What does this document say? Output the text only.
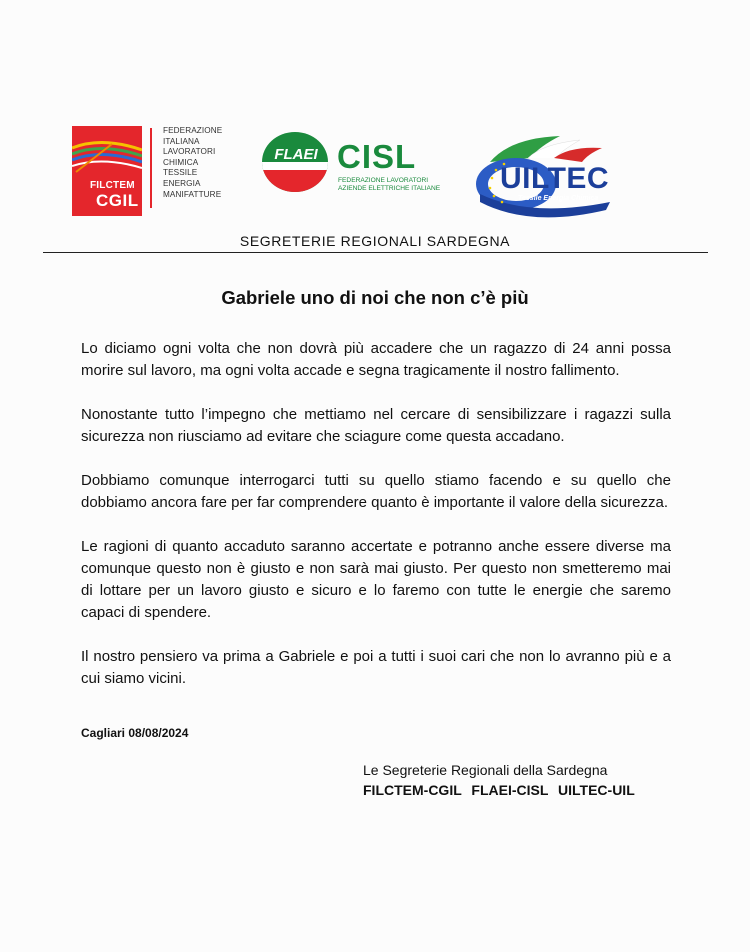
FILCTEM
CGIL
FEDERAZIONE
ITALIANA
LAVORATORI
CHIMICA
TESSILE
ENERGIA
MANIFATTURE
FLAEI CISL
FEDERAZIONE LAVORATORI
AZIENDE ELETTRICHE ITALIANE UILTEC
Tessile Energia Chimica
SEGRETERIE REGIONALI SARDEGNA
Gabriele uno di noi che non c’è più

Lo diciamo ogni volta che non dovrà più accadere che un ragazzo di 24 anni possa morire sul lavoro, ma ogni volta accade e segna tragicamente il nostro fallimento.

Nonostante tutto l’impegno che mettiamo nel cercare di sensibilizzare i ragazzi sulla sicurezza non riusciamo ad evitare che sciagure come questa accadano.

Dobbiamo comunque interrogarci tutti su quello stiamo facendo e su quello che dobbiamo ancora fare per far comprendere quanto è importante il valore della sicurezza.

Le ragioni di quanto accaduto saranno accertate e potranno anche essere diverse ma comunque questo non è giusto e non sarà mai giusto. Per questo non smetteremo mai di lottare per un lavoro giusto e sicuro e lo faremo con tutte le energie che saremo capaci di spendere.

Il nostro pensiero va prima a Gabriele e poi a tutti i suoi cari che non lo avranno più e a cui siamo vicini.

Cagliari 08/08/2024
Le Segreterie Regionali della Sardegna
FILCTEM-CGIL FLAEI-CISL UILTEC-UIL
